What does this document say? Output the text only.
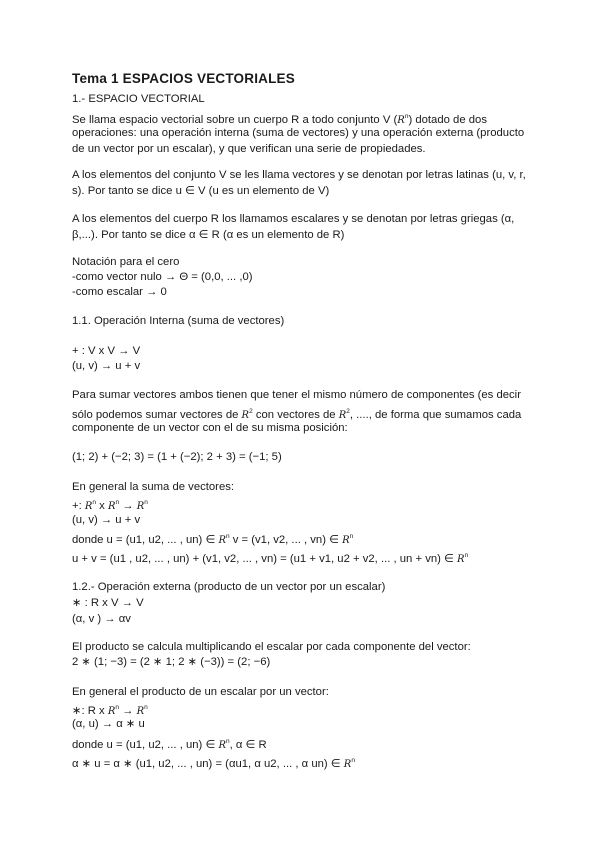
Tema 1 ESPACIOS VECTORIALES
1.- ESPACIO VECTORIAL
Se llama espacio vectorial sobre un cuerpo R a todo conjunto V $(R^n)$ dotado de dos
operaciones: una operación interna (suma de vectores) y una operación externa (producto
de un vector por un escalar), y que verifican una serie de propiedades.
A los elementos del conjunto V se les llama vectores y se denotan por letras latinas (u, v, r,
s). Por tanto se dice u ∈ V (u es un elemento de V)
A los elementos del cuerpo R los llamamos escalares y se denotan por letras griegas (α,
β,...). Por tanto se dice α ∈ R (α es un elemento de R)
Notación para el cero
-como vector nulo → Θ = (0,0, ... ,0)
-como escalar → 0
1.1. Operación Interna (suma de vectores)
+ : V x V → V
(u, v) → u + v
Para sumar vectores ambos tienen que tener el mismo número de componentes (es decir
sólo podemos sumar vectores de $R^2$ con vectores de $R^2$, ...., de forma que sumamos cada
componente de un vector con el de su misma posición:
(1; 2) + (−2; 3) = (1 + (−2); 2 + 3) = (−1; 5)
En general la suma de vectores:
+: $R^n$ x $R^n \to R^n$
(u, v) → u + v
donde u = (u1, u2, ... , un) ∈ $R^n$ v = (v1, v2, ... , vn) ∈ $R^n$
u + v = (u1 , u2, ... , un) + (v1, v2, ... , vn) = (u1 + v1, u2 + v2, ... , un + vn) ∈ $R^n$
1.2.- Operación externa (producto de un vector por un escalar)
∗ : R x V → V
(α, v ) → αv
El producto se calcula multiplicando el escalar por cada componente del vector:
2 ∗ (1; −3) = (2 ∗ 1; 2 ∗ (−3)) = (2; −6)
En general el producto de un escalar por un vector:
∗: R x $R^n \to R^n$
(α, u) → α ∗ u
donde u = (u1, u2, ... , un) ∈ $R^n$, α ∈ R
α ∗ u = α ∗ (u1, u2, ... , un) = (αu1, α u2, ... , α un) ∈ $R^n$
